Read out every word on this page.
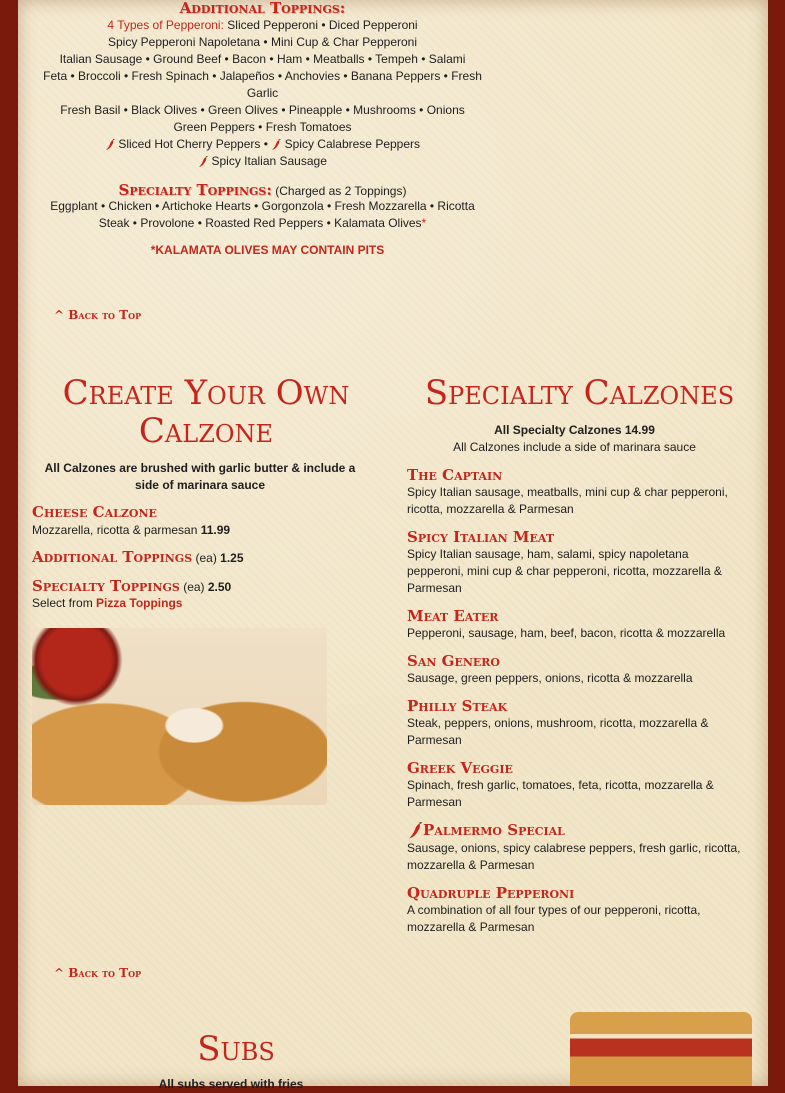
Additional Toppings:
4 Types of Pepperoni: Sliced Pepperoni • Diced Pepperoni
Spicy Pepperoni Napoletana • Mini Cup & Char Pepperoni
Italian Sausage • Ground Beef • Bacon • Ham • Meatballs • Tempeh • Salami
Feta • Broccoli • Fresh Spinach • Jalapeños • Anchovies • Banana Peppers • Fresh
Garlic
Fresh Basil • Black Olives • Green Olives • Pineapple • Mushrooms • Onions
Green Peppers • Fresh Tomatoes
Sliced Hot Cherry Peppers •  Spicy Calabrese Peppers
Spicy Italian Sausage
Specialty Toppings: (Charged as 2 Toppings)
Eggplant • Chicken • Artichoke Hearts • Gorgonzola • Fresh Mozzarella • Ricotta
Steak • Provolone • Roasted Red Peppers • Kalamata Olives*
*KALAMATA OLIVES MAY CONTAIN PITS
^ Back to Top
Create Your Own
Calzone
All Calzones are brushed with garlic butter & include a side of marinara sauce
Cheese Calzone
Mozzarella, ricotta & parmesan 11.99
Additional Toppings (ea) 1.25
Specialty Toppings (ea) 2.50
Select from Pizza Toppings
^ Back to Top
Specialty Calzones
All Specialty Calzones 14.99
All Calzones include a side of marinara sauce
The Captain
Spicy Italian sausage, meatballs, mini cup & char pepperoni, ricotta, mozzarella & Parmesan
Spicy Italian Meat
Spicy Italian sausage, ham, salami, spicy napoletana pepperoni, mini cup & char pepperoni, ricotta, mozzarella & Parmesan
Meat Eater
Pepperoni, sausage, ham, beef, bacon, ricotta & mozzarella
San Genero
Sausage, green peppers, onions, ricotta & mozzarella
Philly Steak
Steak, peppers, onions, mushroom, ricotta, mozzarella & Parmesan
Greek Veggie
Spinach, fresh garlic, tomatoes, feta, ricotta, mozzarella & Parmesan
Palmermo Special
Sausage, onions, spicy calabrese peppers, fresh garlic, ricotta, mozzarella & Parmesan
Quadruple Pepperoni
A combination of all four types of our pepperoni, ricotta, mozzarella & Parmesan
Subs
All subs served with fries
